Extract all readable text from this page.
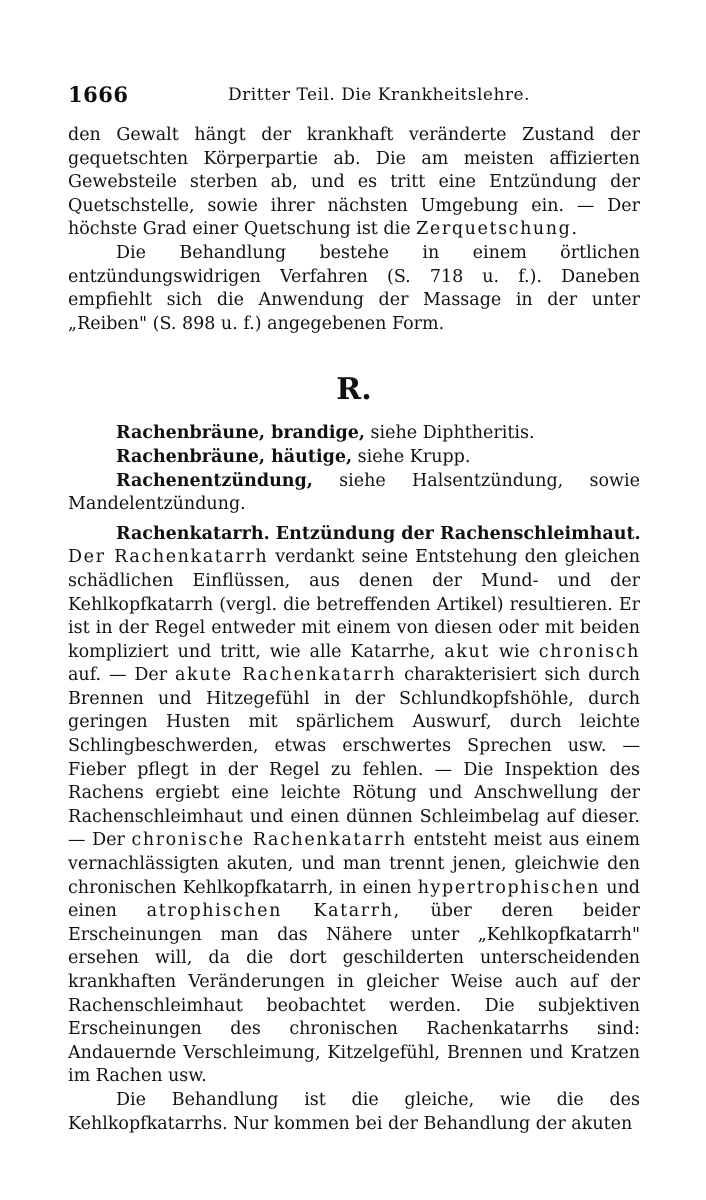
1666	Dritter Teil. Die Krankheitslehre.

den Gewalt hängt der krankhaft veränderte Zustand der gequetschten Körperpartie ab. Die am meisten affizierten Gewebsteile sterben ab, und es tritt eine Entzündung der Quetschstelle, sowie ihrer nächsten Umgebung ein. — Der höchste Grad einer Quetschung ist die Zerquetschung.

Die Behandlung bestehe in einem örtlichen entzündungswidrigen Verfahren (S. 718 u. f.). Daneben empfiehlt sich die Anwendung der Massage in der unter „Reiben" (S. 898 u. f.) angegebenen Form.

R.

Rachenbräune, brandige, siehe Diphtheritis.

Rachenbräune, häutige, siehe Krupp.

Rachenentzündung, siehe Halsentzündung, sowie Mandelentzündung.

Rachenkatarrh. Entzündung der Rachenschleimhaut.

Der Rachenkatarrh verdankt seine Entstehung den gleichen schädlichen Einflüssen, aus denen der Mund- und der Kehlkopfkatarrh (vergl. die betreffenden Artikel) resultieren. Er ist in der Regel entweder mit einem von diesen oder mit beiden kompliziert und tritt, wie alle Katarrhe, akut wie chronisch auf. — Der akute Rachenkatarrh charakterisiert sich durch Brennen und Hitzegefühl in der Schlundkopfshöhle, durch geringen Husten mit spärlichem Auswurf, durch leichte Schlingbeschwerden, etwas erschwertes Sprechen usw. — Fieber pflegt in der Regel zu fehlen. — Die Inspektion des Rachens ergiebt eine leichte Rötung und Anschwellung der Rachenschleimhaut und einen dünnen Schleimbelag auf dieser. — Der chronische Rachenkatarrh entsteht meist aus einem vernachlässigten akuten, und man trennt jenen, gleichwie den chronischen Kehlkopfkatarrh, in einen hypertrophischen und einen atrophischen Katarrh, über deren beider Erscheinungen man das Nähere unter „Kehlkopfkatarrh" ersehen will, da die dort geschilderten unterscheidenden krankhaften Veränderungen in gleicher Weise auch auf der Rachenschleimhaut beobachtet werden. Die subjektiven Erscheinungen des chronischen Rachenkatarrhs sind: Andauernde Verschleimung, Kitzelgefühl, Brennen und Kratzen im Rachen usw.

Die Behandlung ist die gleiche, wie die des Kehlkopfkatarrhs. Nur kommen bei der Behandlung der akuten
